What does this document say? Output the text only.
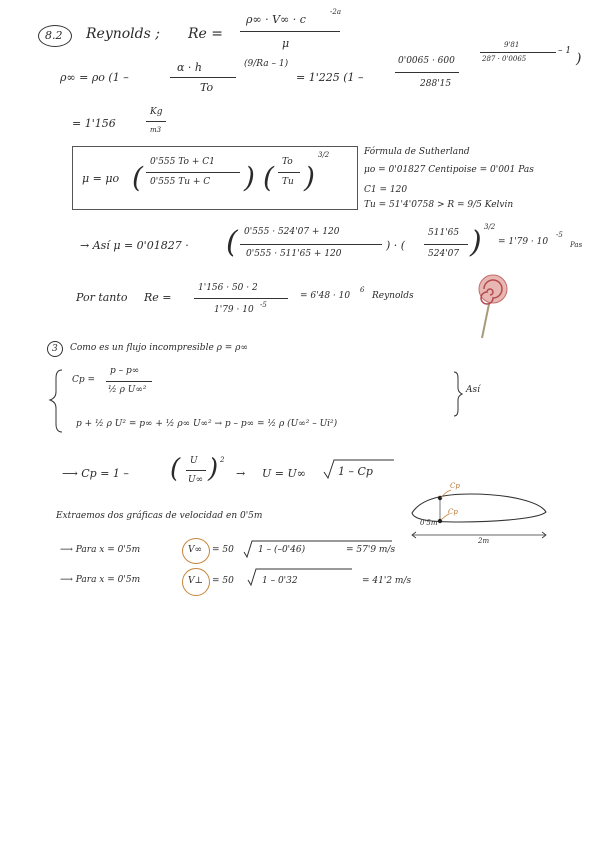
8.2 Reynolds ; Re =
ρ∞ · V∞ · c
-2a
μ
ρ∞ = ρo (1 –
α · h
To
(9/Ra – 1)
= 1'225 (1 –
0'0065 · 600
288'15
9'81
287 · 0'0065
– 1 )
= 1'156
Kg
m3
μ = μo ( 0'555 To + C1
0'555 Tu + C ) ( To
Tu )
3/2	Fórmula de Sutherland
μo = 0'01827 Centipoise = 0'001 Pas
C1 = 120
Tu = 51'4'0758 > R = 9/5 Kelvin
→ Así μ = 0'01827 · ( 0'555 · 524'07 + 120
0'555 · 511'65 + 120
) · (
511'65
524'07 ) 3/2
= 1'79 · 10
-5
Pas
Por tanto Re =
1'156 · 50 · 2
1'79 · 10 -5
= 6'48 · 10
6
Reynolds
3 Como es un flujo incompresible ρ = ρ∞
Cp =
p – p∞
½ ρ U∞²	Así
p + ½ ρ U² = p∞ + ½ ρ∞ U∞² → p – p∞ = ½ ρ (U∞² – Ui²)
⟶ Cp = 1 – ( U
U∞ ) 2
→ U = U∞	1 – Cp
Extraemos dos gráficas de velocidad en 0'5m
⟶ Para x = 0'5m	V∞ = 50	1 – (–0'46)	= 57'9 m/s
⟶ Para x = 0'5m	V⊥ = 50	1 – 0'32	= 41'2 m/s
Cp
Cp
0'5m
2m
